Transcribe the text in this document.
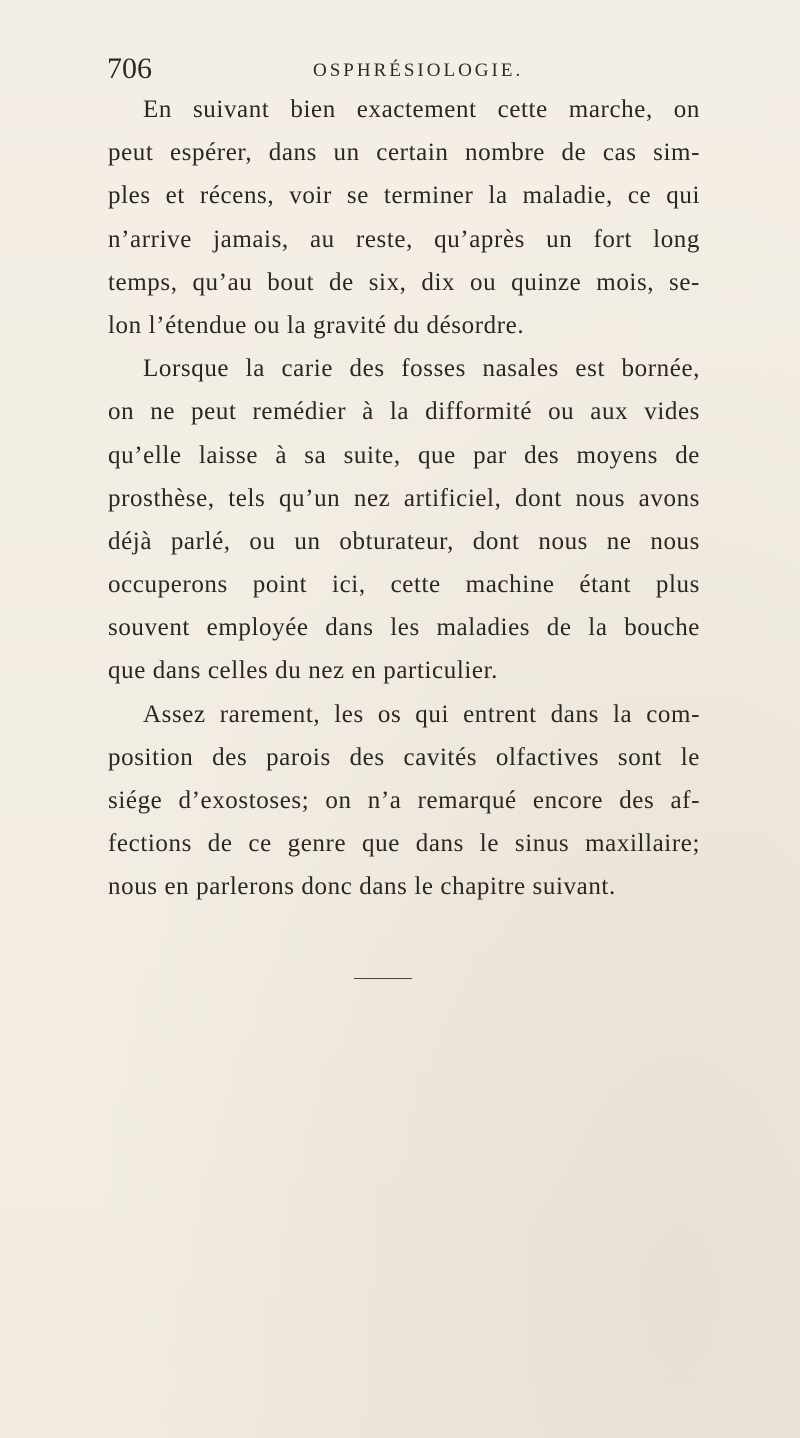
706	OSPHRÉSIOLOGIE.
En suivant bien exactement cette marche, on
peut espérer, dans un certain nombre de cas sim-
ples et récens, voir se terminer la maladie, ce qui
n’arrive jamais, au reste, qu’après un fort long
temps, qu’au bout de six, dix ou quinze mois, se-
lon l’étendue ou la gravité du désordre.
Lorsque la carie des fosses nasales est bornée,
on ne peut remédier à la difformité ou aux vides
qu’elle laisse à sa suite, que par des moyens de
prosthèse, tels qu’un nez artificiel, dont nous avons
déjà parlé, ou un obturateur, dont nous ne nous
occuperons point ici, cette machine étant plus
souvent employée dans les maladies de la bouche
que dans celles du nez en particulier.
Assez rarement, les os qui entrent dans la com-
position des parois des cavités olfactives sont le
siége d’exostoses; on n’a remarqué encore des af-
fections de ce genre que dans le sinus maxillaire;
nous en parlerons donc dans le chapitre suivant.
